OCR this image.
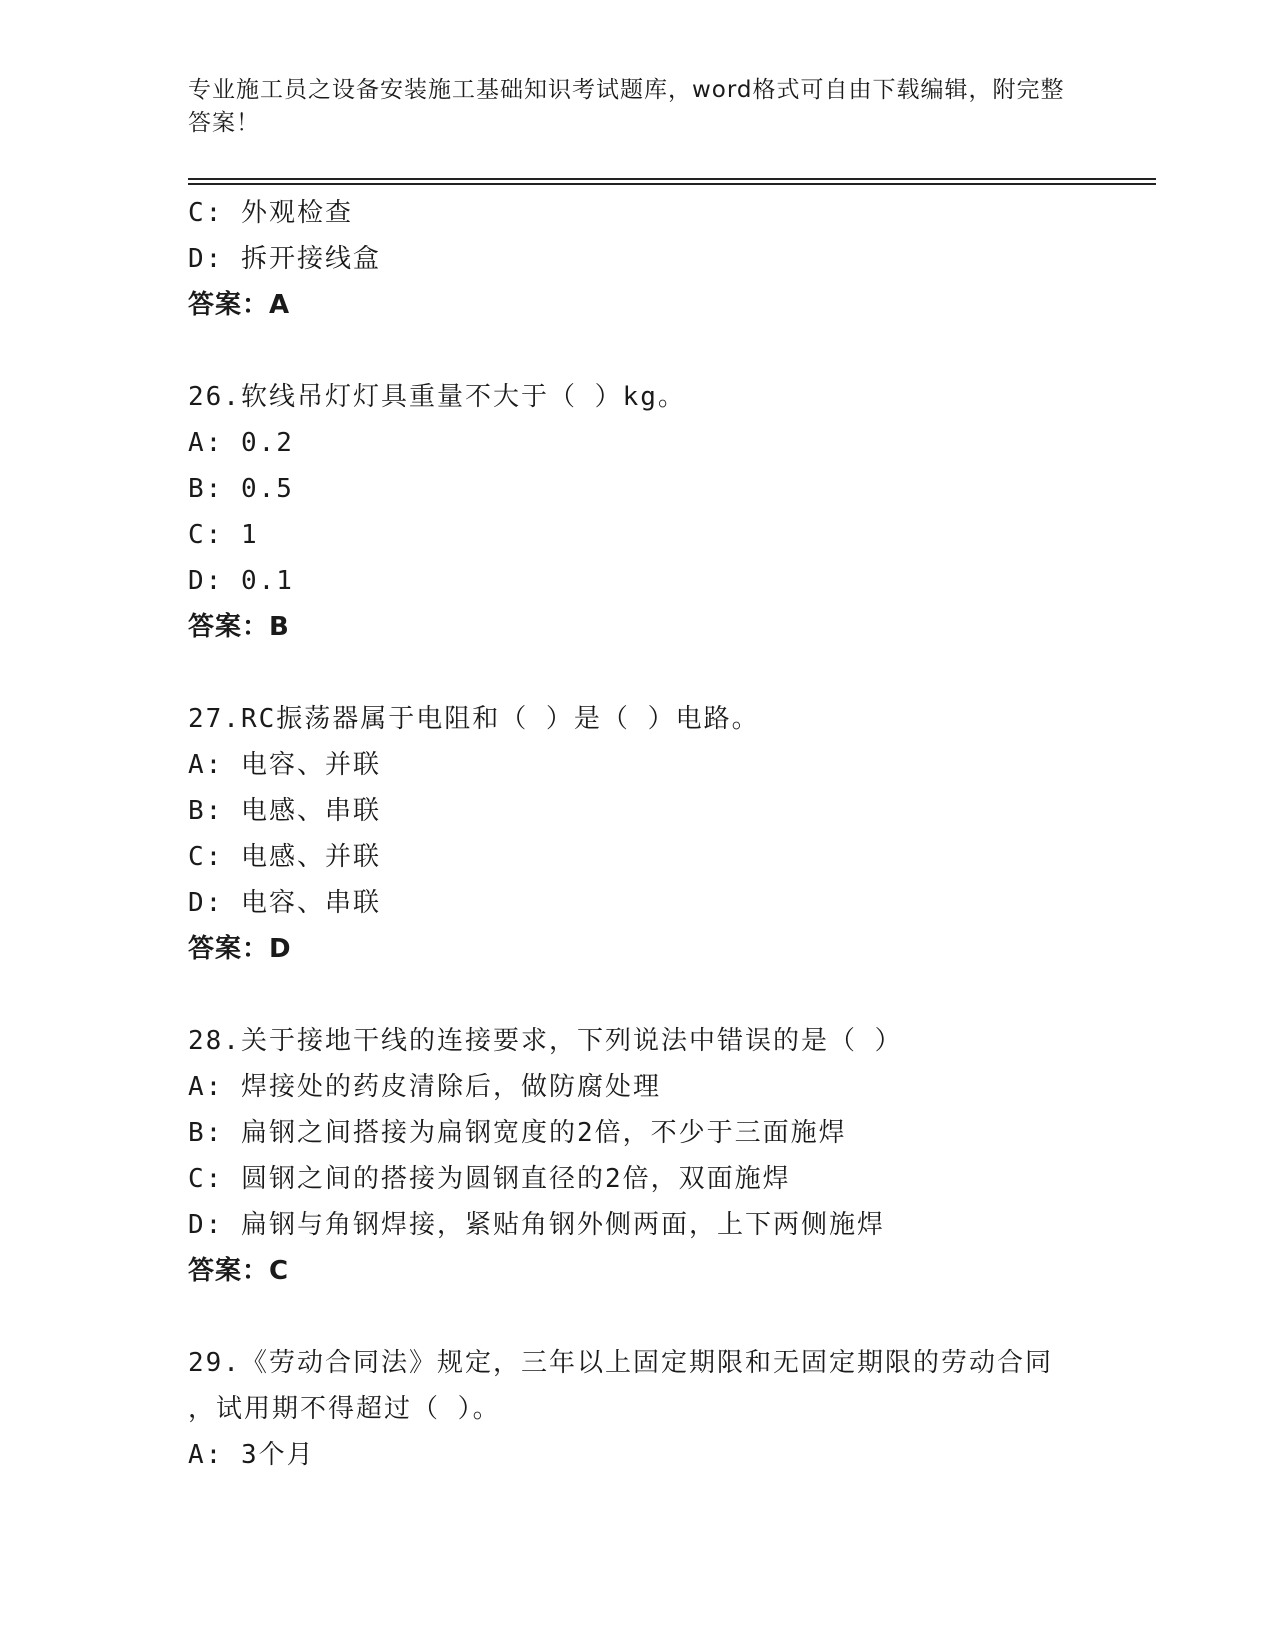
专业施工员之设备安装施工基础知识考试题库，word格式可自由下载编辑，附完整答案！
C: 外观检查
D: 拆开接线盒
答案：A
26.软线吊灯灯具重量不大于（ ）kg。
A: 0.2
B: 0.5
C: 1
D: 0.1
答案：B
27.RC振荡器属于电阻和（ ）是（ ）电路。
A: 电容、并联
B: 电感、串联
C: 电感、并联
D: 电容、串联
答案：D
28.关于接地干线的连接要求，下列说法中错误的是（ ）
A: 焊接处的药皮清除后，做防腐处理
B: 扁钢之间搭接为扁钢宽度的2倍，不少于三面施焊
C: 圆钢之间的搭接为圆钢直径的2倍，双面施焊
D: 扁钢与角钢焊接，紧贴角钢外侧两面，上下两侧施焊
答案：C
29.《劳动合同法》规定，三年以上固定期限和无固定期限的劳动合同
，试用期不得超过（ ）。
A: 3个月
